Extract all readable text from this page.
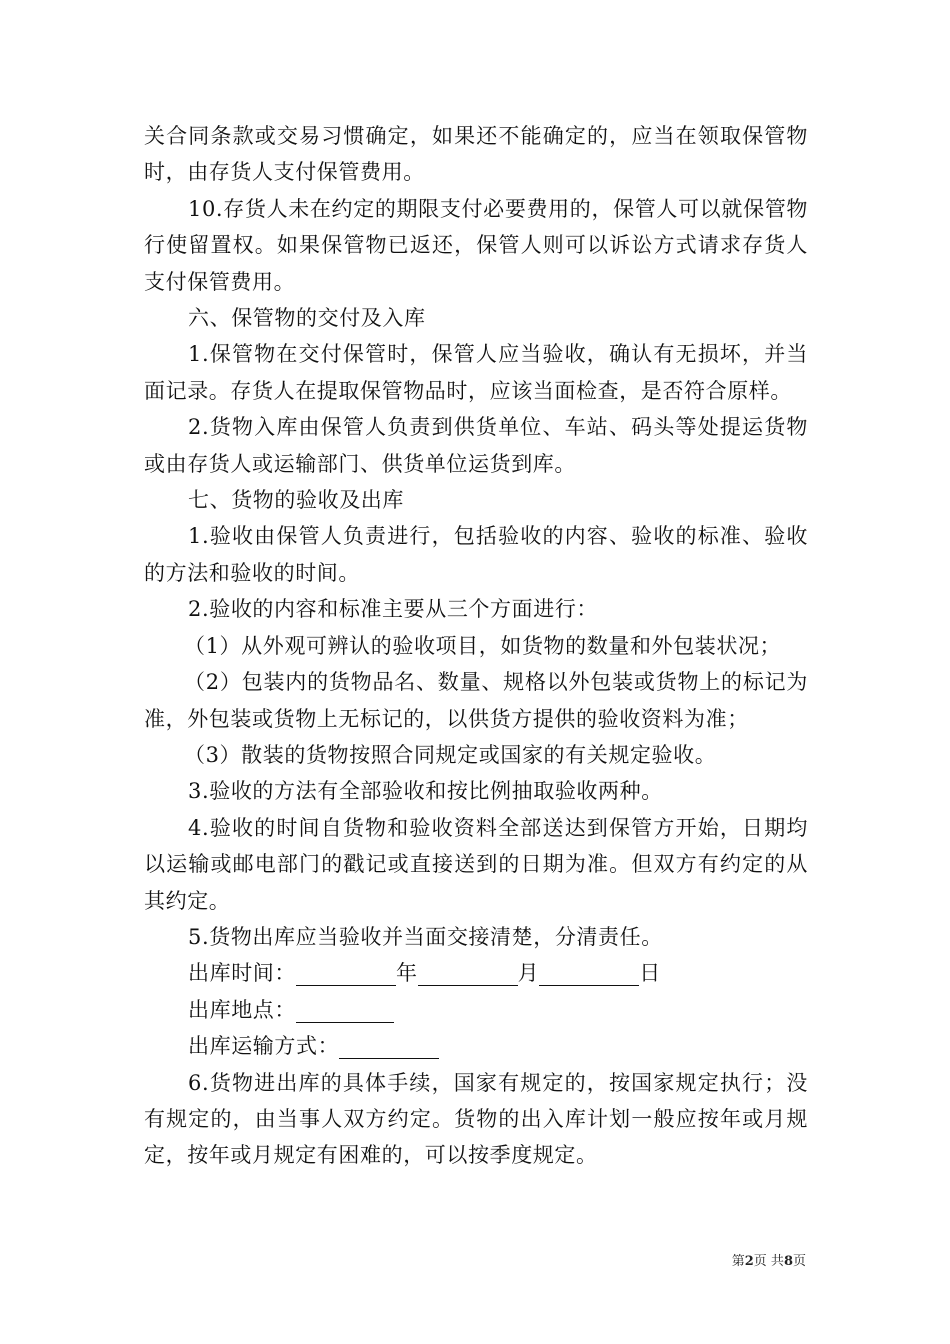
关合同条款或交易习惯确定，如果还不能确定的，应当在领取保管物时，由存货人支付保管费用。

10.存货人未在约定的期限支付必要费用的，保管人可以就保管物行使留置权。如果保管物已返还，保管人则可以诉讼方式请求存货人支付保管费用。

六、保管物的交付及入库

1.保管物在交付保管时，保管人应当验收，确认有无损坏，并当面记录。存货人在提取保管物品时，应该当面检查，是否符合原样。

2.货物入库由保管人负责到供货单位、车站、码头等处提运货物或由存货人或运输部门、供货单位运货到库。

七、货物的验收及出库

1.验收由保管人负责进行，包括验收的内容、验收的标准、验收的方法和验收的时间。

2.验收的内容和标准主要从三个方面进行：

（1）从外观可辨认的验收项目，如货物的数量和外包装状况；

（2）包装内的货物品名、数量、规格以外包装或货物上的标记为准，外包装或货物上无标记的，以供货方提供的验收资料为准；

（3）散装的货物按照合同规定或国家的有关规定验收。

3.验收的方法有全部验收和按比例抽取验收两种。

4.验收的时间自货物和验收资料全部送达到保管方开始，日期均以运输或邮电部门的戳记或直接送到的日期为准。但双方有约定的从其约定。

5.货物出库应当验收并当面交接清楚，分清责任。

出库时间：	年	月	日
出库地点：
出库运输方式：

6.货物进出库的具体手续，国家有规定的，按国家规定执行；没有规定的，由当事人双方约定。货物的出入库计划一般应按年或月规定，按年或月规定有困难的，可以按季度规定。

第2页 共8页
